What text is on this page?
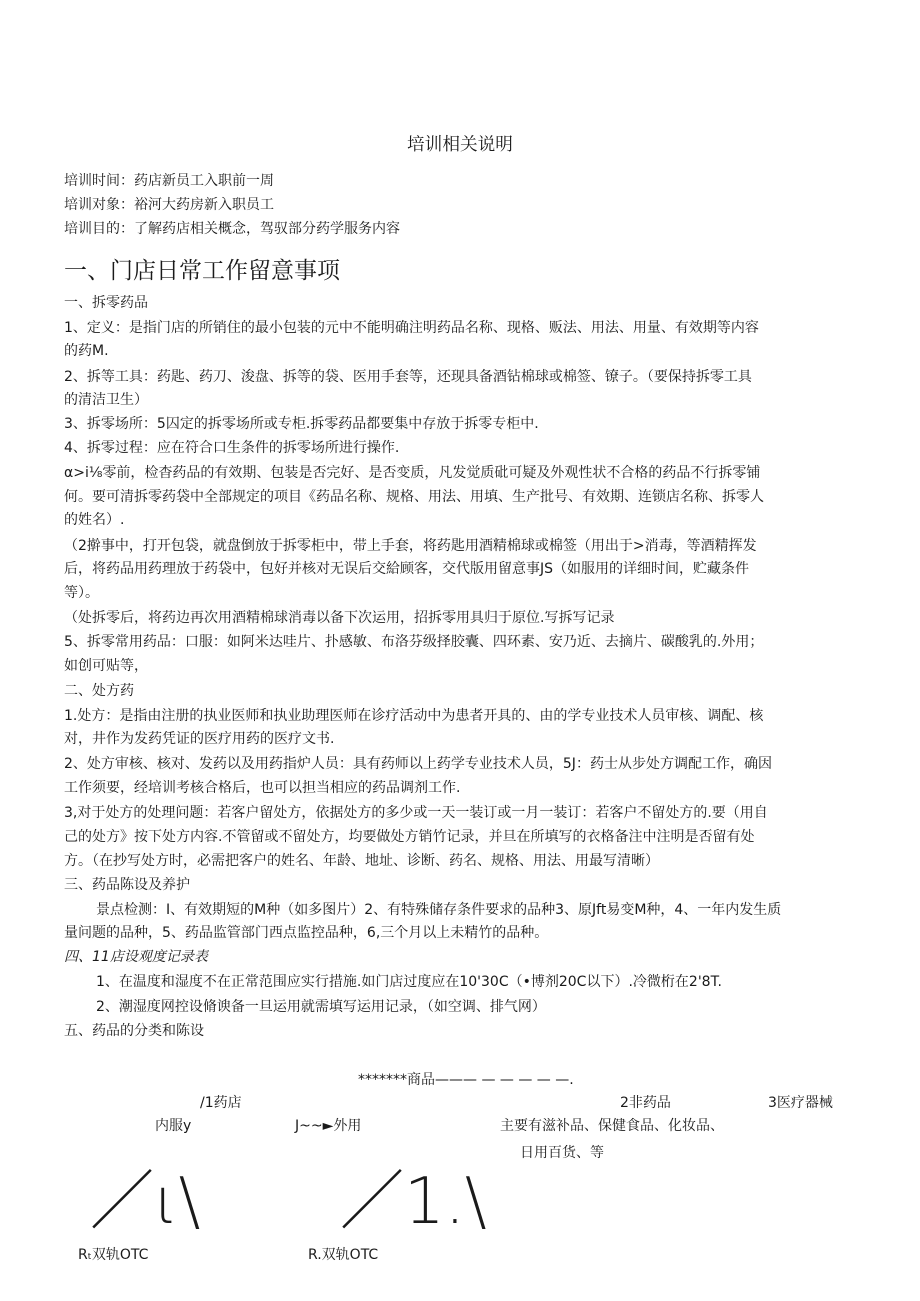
培训相关说明
培训时间：药店新员工入职前一周
培训对象：裕河大药房新入职员工
培训目的：了解药店相关概念，驾驭部分药学服务内容
一、门店日常工作留意事项
一、拆零药品
1、定义：是指门店的所销住的最小包装的元中不能明确注明药品名称、现格、贩法、用法、用量、有效期等内容
的药M.
2、拆等工具：药匙、药刀、浚盘、拆等的袋、医用手套等，还现具备酒钻棉球或棉签、镣子。（要保持拆零工具
的清洁卫生）
3、拆零场所：5囚定的拆零场所或专柜.拆零药品都要集中存放于拆零专柜中.
4、拆零过程：应在符合口生条件的拆零场所进行操作.
α>i⅛零前，检杳药品的有效期、包装是否完好、是否变质，凡发觉质砒可疑及外观性状不合格的药品不行拆零铺
何。要可清拆零药袋中全部规定的项目《药品名称、规格、用法、用填、生产批号、有效期、连锁店名称、拆零人
的姓名）.
（2擀事中，打开包袋，就盘倒放于拆零柜中，带上手套，将药匙用酒精棉球或棉签（用出于>消毒，等酒精挥发
后，将药品用药理放于药袋中，包好并核对无误后交給顾客，交代版用留意事JS（如服用的详细时间，贮藏条件
等）。
（处拆零后，将药边再次用酒精棉球消毒以备下次运用，招拆零用具归于原位.写拆写记录
5、拆零常用药品：口服：如阿米达哇片、扑感敏、布洛芬级择胶囊、四环素、安乃近、去摘片、碳酸乳的.外用；
如创可贴等，
二、处方药
1.处方：是指由注册的执业医师和执业助理医师在诊疗活动中为患者开具的、由的学专业技术人员审核、调配、核
对，井作为发药凭证的医疗用药的医疗文书.
2、处方审核、核对、发药以及用药指炉人员：具有药师以上药学专业技术人员，5J：药士从步处方调配工作，确因
工作须要，经培训考核合格后，也可以担当相应的药品调剂工作.
3,对于处方的处理问题：若客户留处方，依据处方的多少或一天一装订或一月一装订：若客户不留处方的.要（用自
己的处方》按下处方内容.不管留或不留处方，均要做处方销竹记录，并旦在所填写的衣格备注中注明是否留有处
方。（在抄写处方时，必需把客户的姓名、年龄、地址、诊断、药名、规格、用法、用最写清晰）
三、药品陈设及养护
景点检测：I、有效期短的M种（如多图片）2、有特殊储存条件要求的品种3、原Jft易变M种，4、一年内发生质
量问题的品种，5、药品监管部门西点监控品种，6,三个月以上未精竹的品种。
四、11店设观度记录表
1、在温度和湿度不在正常范围应实行措施.如门店过度应在10'30C（•博剂20C以下）.冷微桁在2'8T.
2、潮湿度网控设脩谀备一旦运用就需填写运用记录，（如空调、排气网）
五、药品的分类和陈设
*******商品——— — — — — —.
/1药店	2非药品	3医疗器械
内服y	J~~►外用	主要有滋补品、保健食品、化妆品、
日用百货、等
／ι\ ／1.\
Rₜ双轨OTC	R.双轨OTC
